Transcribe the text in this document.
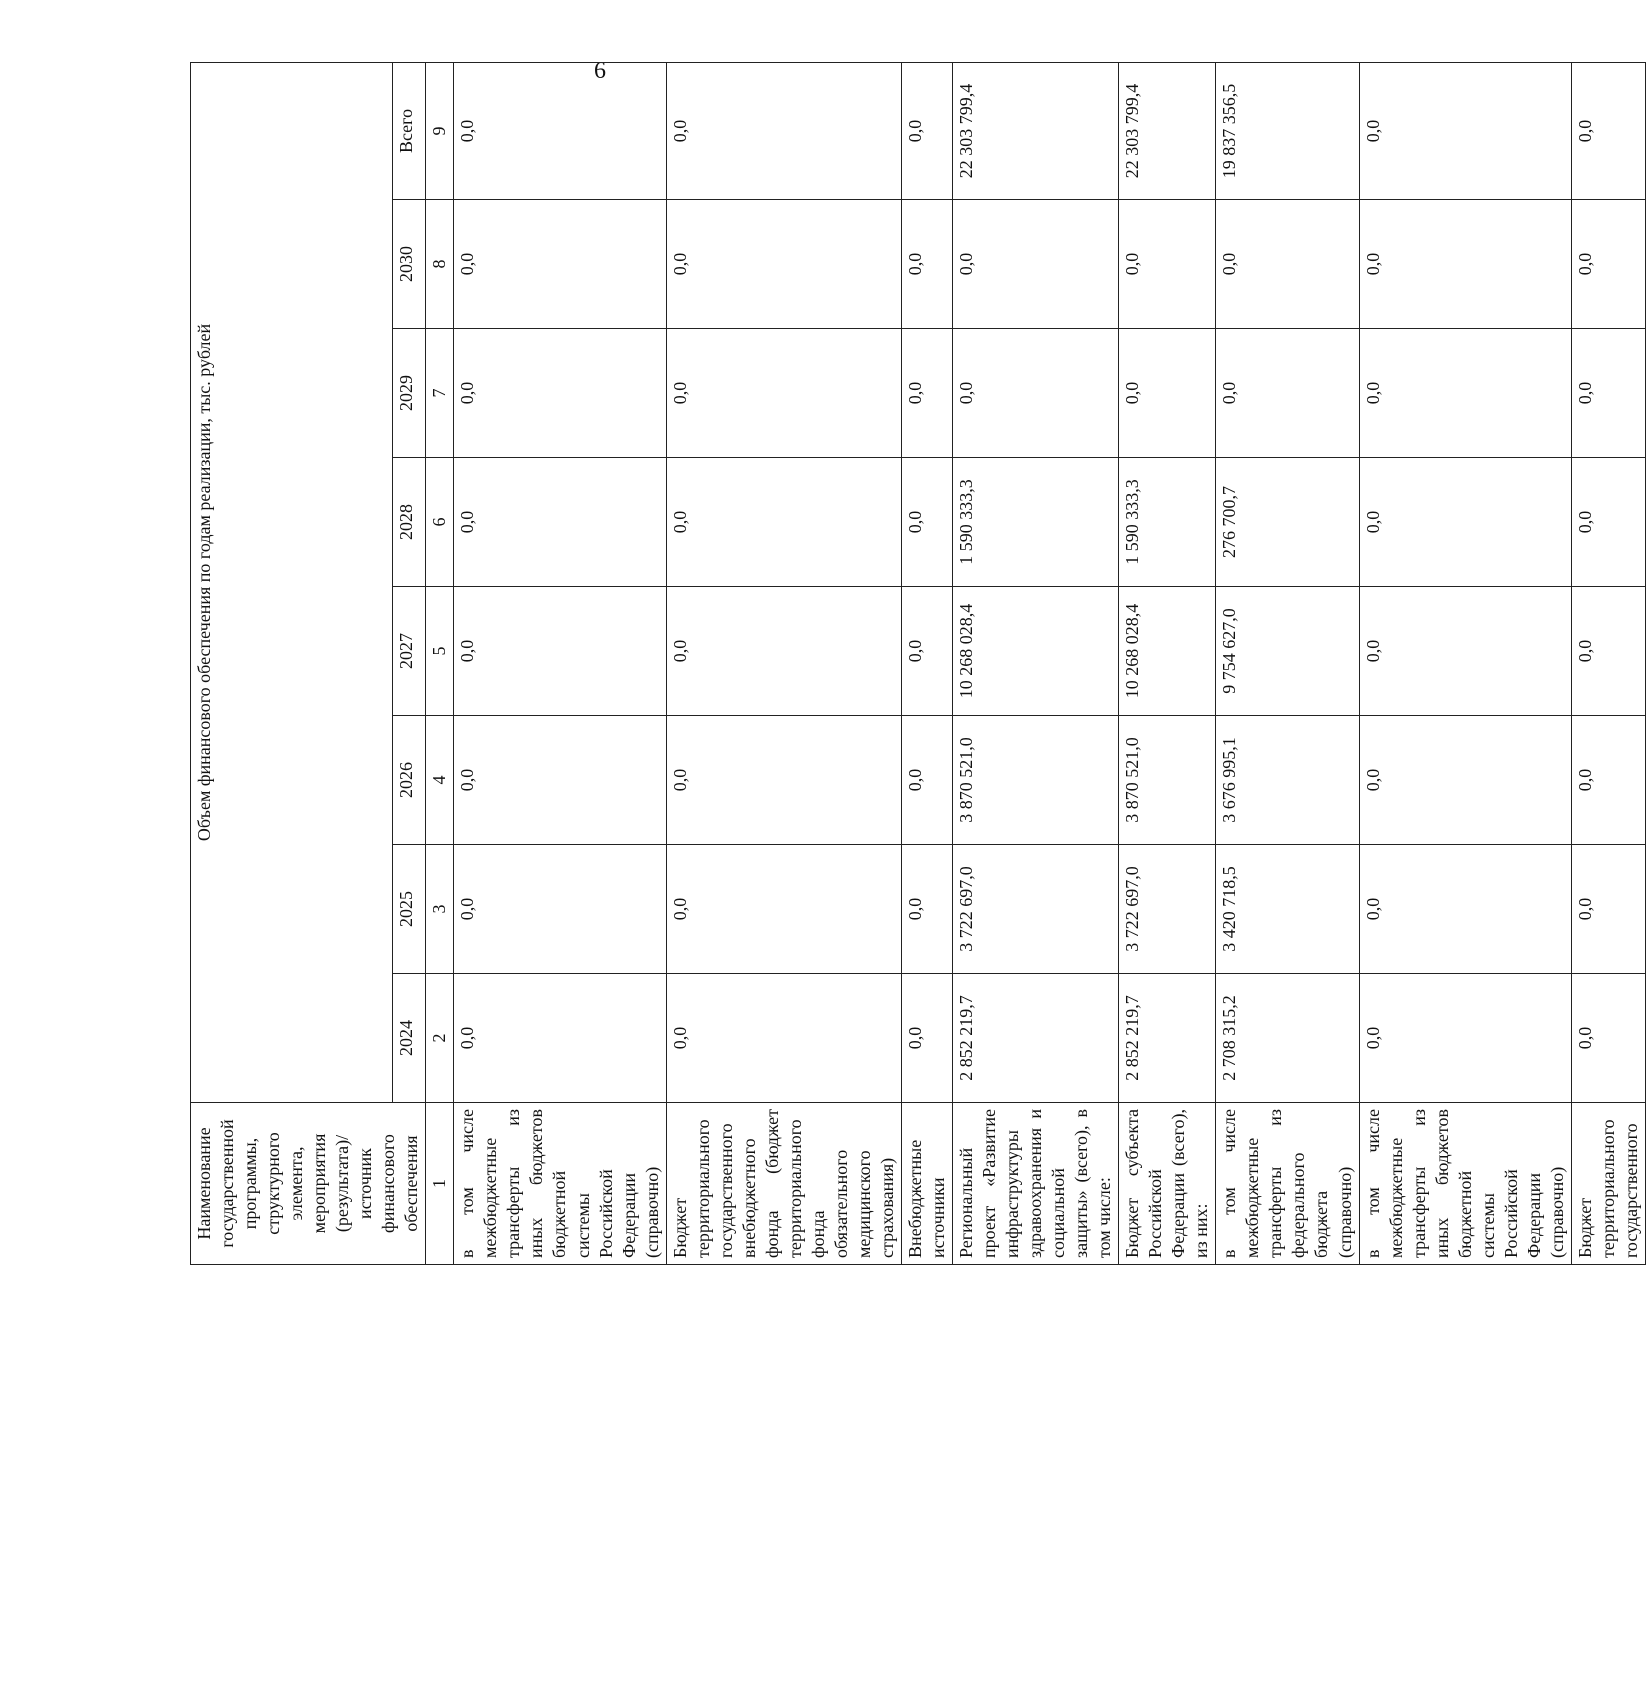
6
Наименование государственной программы, структурного элемента, мероприятия (результата)/источник финансового обеспечения	Объем финансового обеспечения по годам реализации, тыс. рублей							
	2024	2025	2026	2027	2028	2029	2030	Всего
1	2	3	4	5	6	7	8	9
в том числе межбюджетные трансферты из иных бюджетов бюджетной системы Российской Федерации (справочно)	0,0	0,0	0,0	0,0	0,0	0,0	0,0	0,0
Бюджет территориального государственного внебюджетного фонда (бюджет территориального фонда обязательного медицинского страхования)	0,0	0,0	0,0	0,0	0,0	0,0	0,0	0,0
Внебюджетные источники	0,0	0,0	0,0	0,0	0,0	0,0	0,0	0,0
Региональный проект «Развитие инфраструктуры здравоохранения и социальной защиты» (всего), в том числе:	2 852 219,7	3 722 697,0	3 870 521,0	10 268 028,4	1 590 333,3	0,0	0,0	22 303 799,4
Бюджет субъекта Российской Федерации (всего), из них:	2 852 219,7	3 722 697,0	3 870 521,0	10 268 028,4	1 590 333,3	0,0	0,0	22 303 799,4
в том числе межбюджетные трансферты из федерального бюджета (справочно)	2 708 315,2	3 420 718,5	3 676 995,1	9 754 627,0	276 700,7	0,0	0,0	19 837 356,5
в том числе межбюджетные трансферты из иных бюджетов бюджетной системы Российской Федерации (справочно)	0,0	0,0	0,0	0,0	0,0	0,0	0,0	0,0
Бюджет территориального государственного	0,0	0,0	0,0	0,0	0,0	0,0	0,0	0,0
